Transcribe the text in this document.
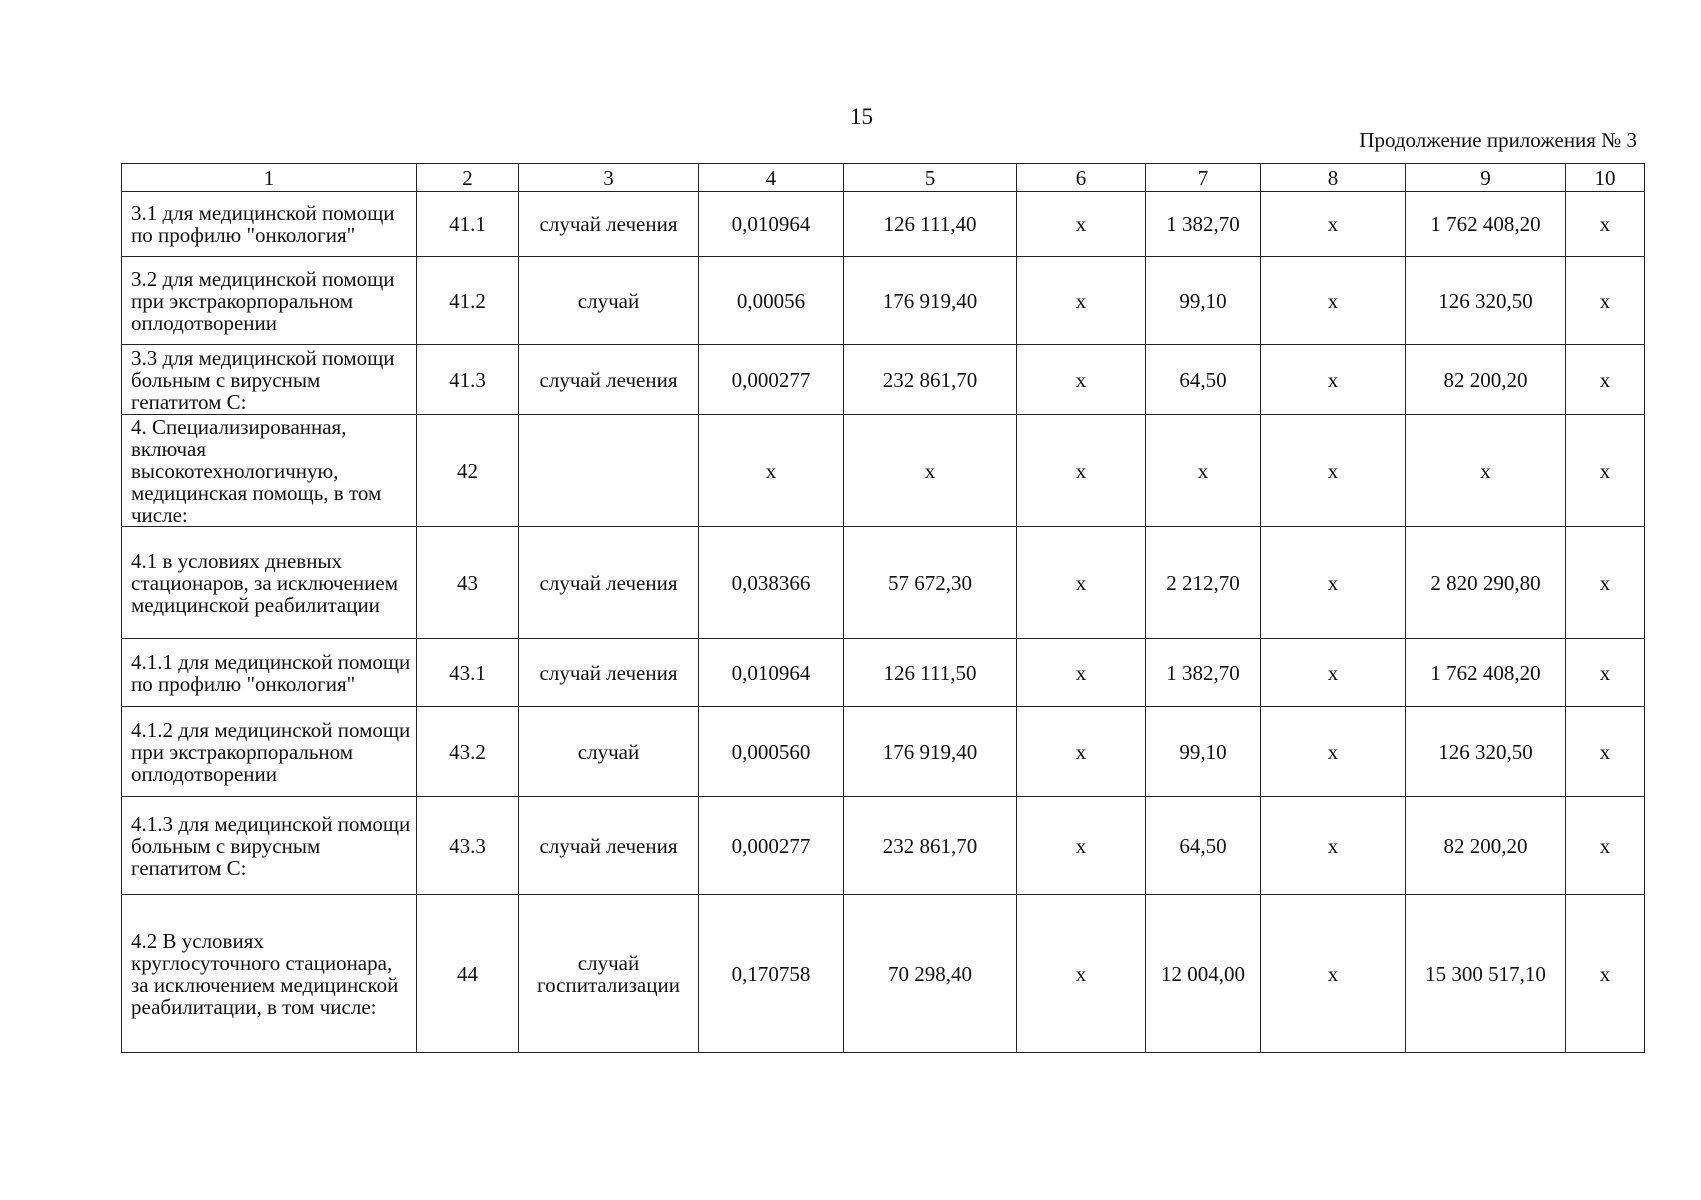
15
Продолжение приложения № 3
1	2	3	4	5	6	7	8	9	10
3.1 для медицинской помощи по профилю "онкология"	41.1	случай лечения	0,010964	126 111,40	х	1 382,70	х	1 762 408,20	х
3.2 для медицинской помощи при экстракорпоральном оплодотворении	41.2	случай	0,00056	176 919,40	х	99,10	х	126 320,50	х
3.3 для медицинской помощи больным с вирусным гепатитом С:	41.3	случай лечения	0,000277	232 861,70	х	64,50	х	82 200,20	х
4. Специализированная, включая высокотехнологичную, медицинская помощь, в том числе:	42		х	х	х	х	х	х	х
4.1 в условиях дневных стационаров, за исключением медицинской реабилитации	43	случай лечения	0,038366	57 672,30	х	2 212,70	х	2 820 290,80	х
4.1.1 для медицинской помощи по профилю "онкология"	43.1	случай лечения	0,010964	126 111,50	х	1 382,70	х	1 762 408,20	х
4.1.2 для медицинской помощи при экстракорпоральном оплодотворении	43.2	случай	0,000560	176 919,40	х	99,10	х	126 320,50	х
4.1.3 для медицинской помощи больным с вирусным гепатитом С:	43.3	случай лечения	0,000277	232 861,70	х	64,50	х	82 200,20	х
4.2 В условиях круглосуточного стационара, за исключением медицинской реабилитации, в том числе:	44	случай госпитализации	0,170758	70 298,40	х	12 004,00	х	15 300 517,10	х
